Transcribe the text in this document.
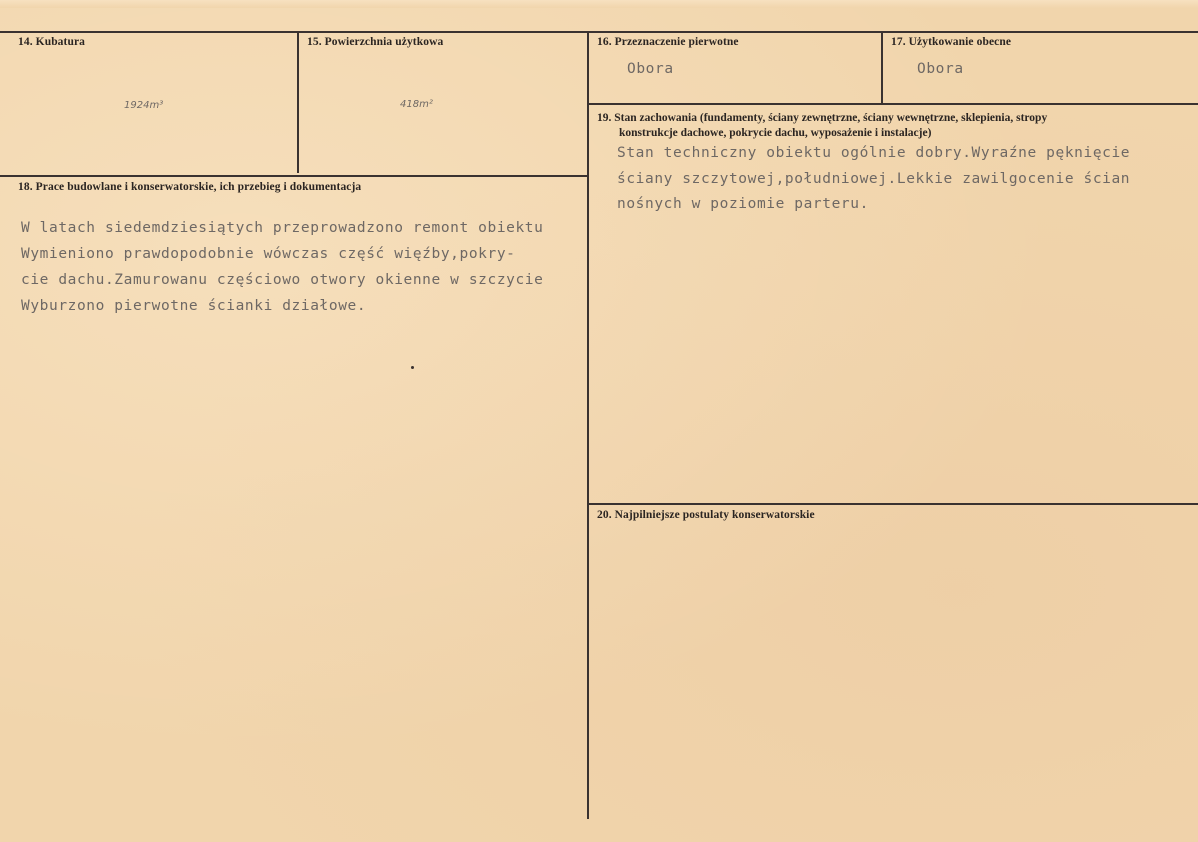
14. Kubatura
1924m³
15. Powierzchnia użytkowa
418m²
16. Przeznaczenie pierwotne
Obora
17. Użytkowanie obecne
Obora
18. Prace budowlane i konserwatorskie, ich przebieg i dokumentacja
W latach siedemdziesiątych przeprowadzono remont obiektu
Wymieniono prawdopodobnie wówczas część więźby,pokry-
cie dachu.Zamurowanu częściowo otwory okienne w szczycie
Wyburzono pierwotne ścianki działowe.
19. Stan zachowania (fundamenty, ściany zewnętrzne, ściany wewnętrzne, sklepienia, stropy
konstrukcje dachowe, pokrycie dachu, wyposażenie i instalacje)
Stan techniczny obiektu ogólnie dobry.Wyraźne pęknięcie
ściany szczytowej,południowej.Lekkie zawilgocenie ścian
nośnych w poziomie parteru.
20. Najpilniejsze postulaty konserwatorskie
